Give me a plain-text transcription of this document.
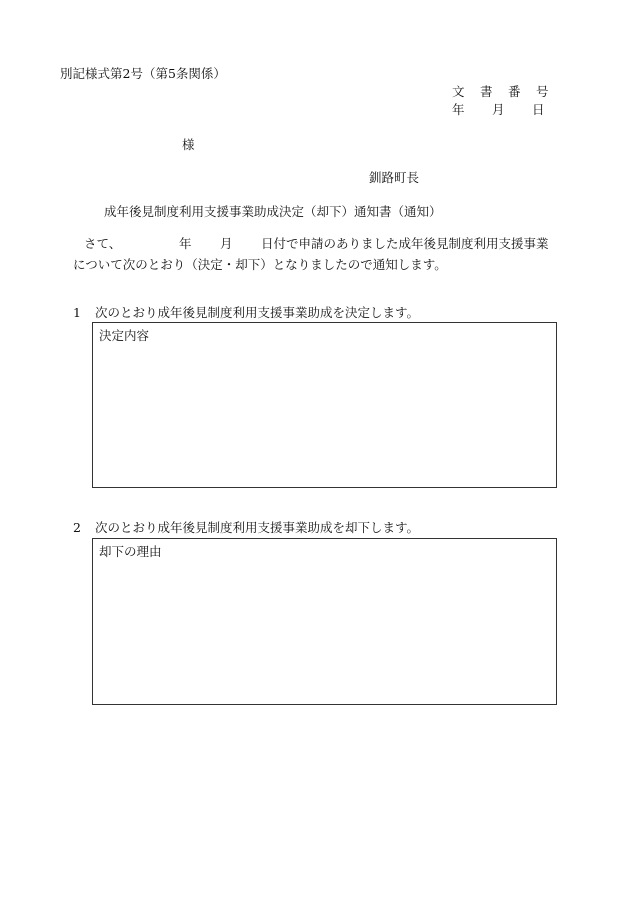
別記様式第2号（第5条関係）
文 書 番 号
年 月 日
様
釧路町長
成年後見制度利用支援事業助成決定（却下）通知書（通知）
さて、	年 月 日付で申請のありました成年後見制度利用支援事業
について次のとおり（決定・却下）となりましたので通知します。
1 次のとおり成年後見制度利用支援事業助成を決定します。
決定内容
2 次のとおり成年後見制度利用支援事業助成を却下します。
却下の理由
